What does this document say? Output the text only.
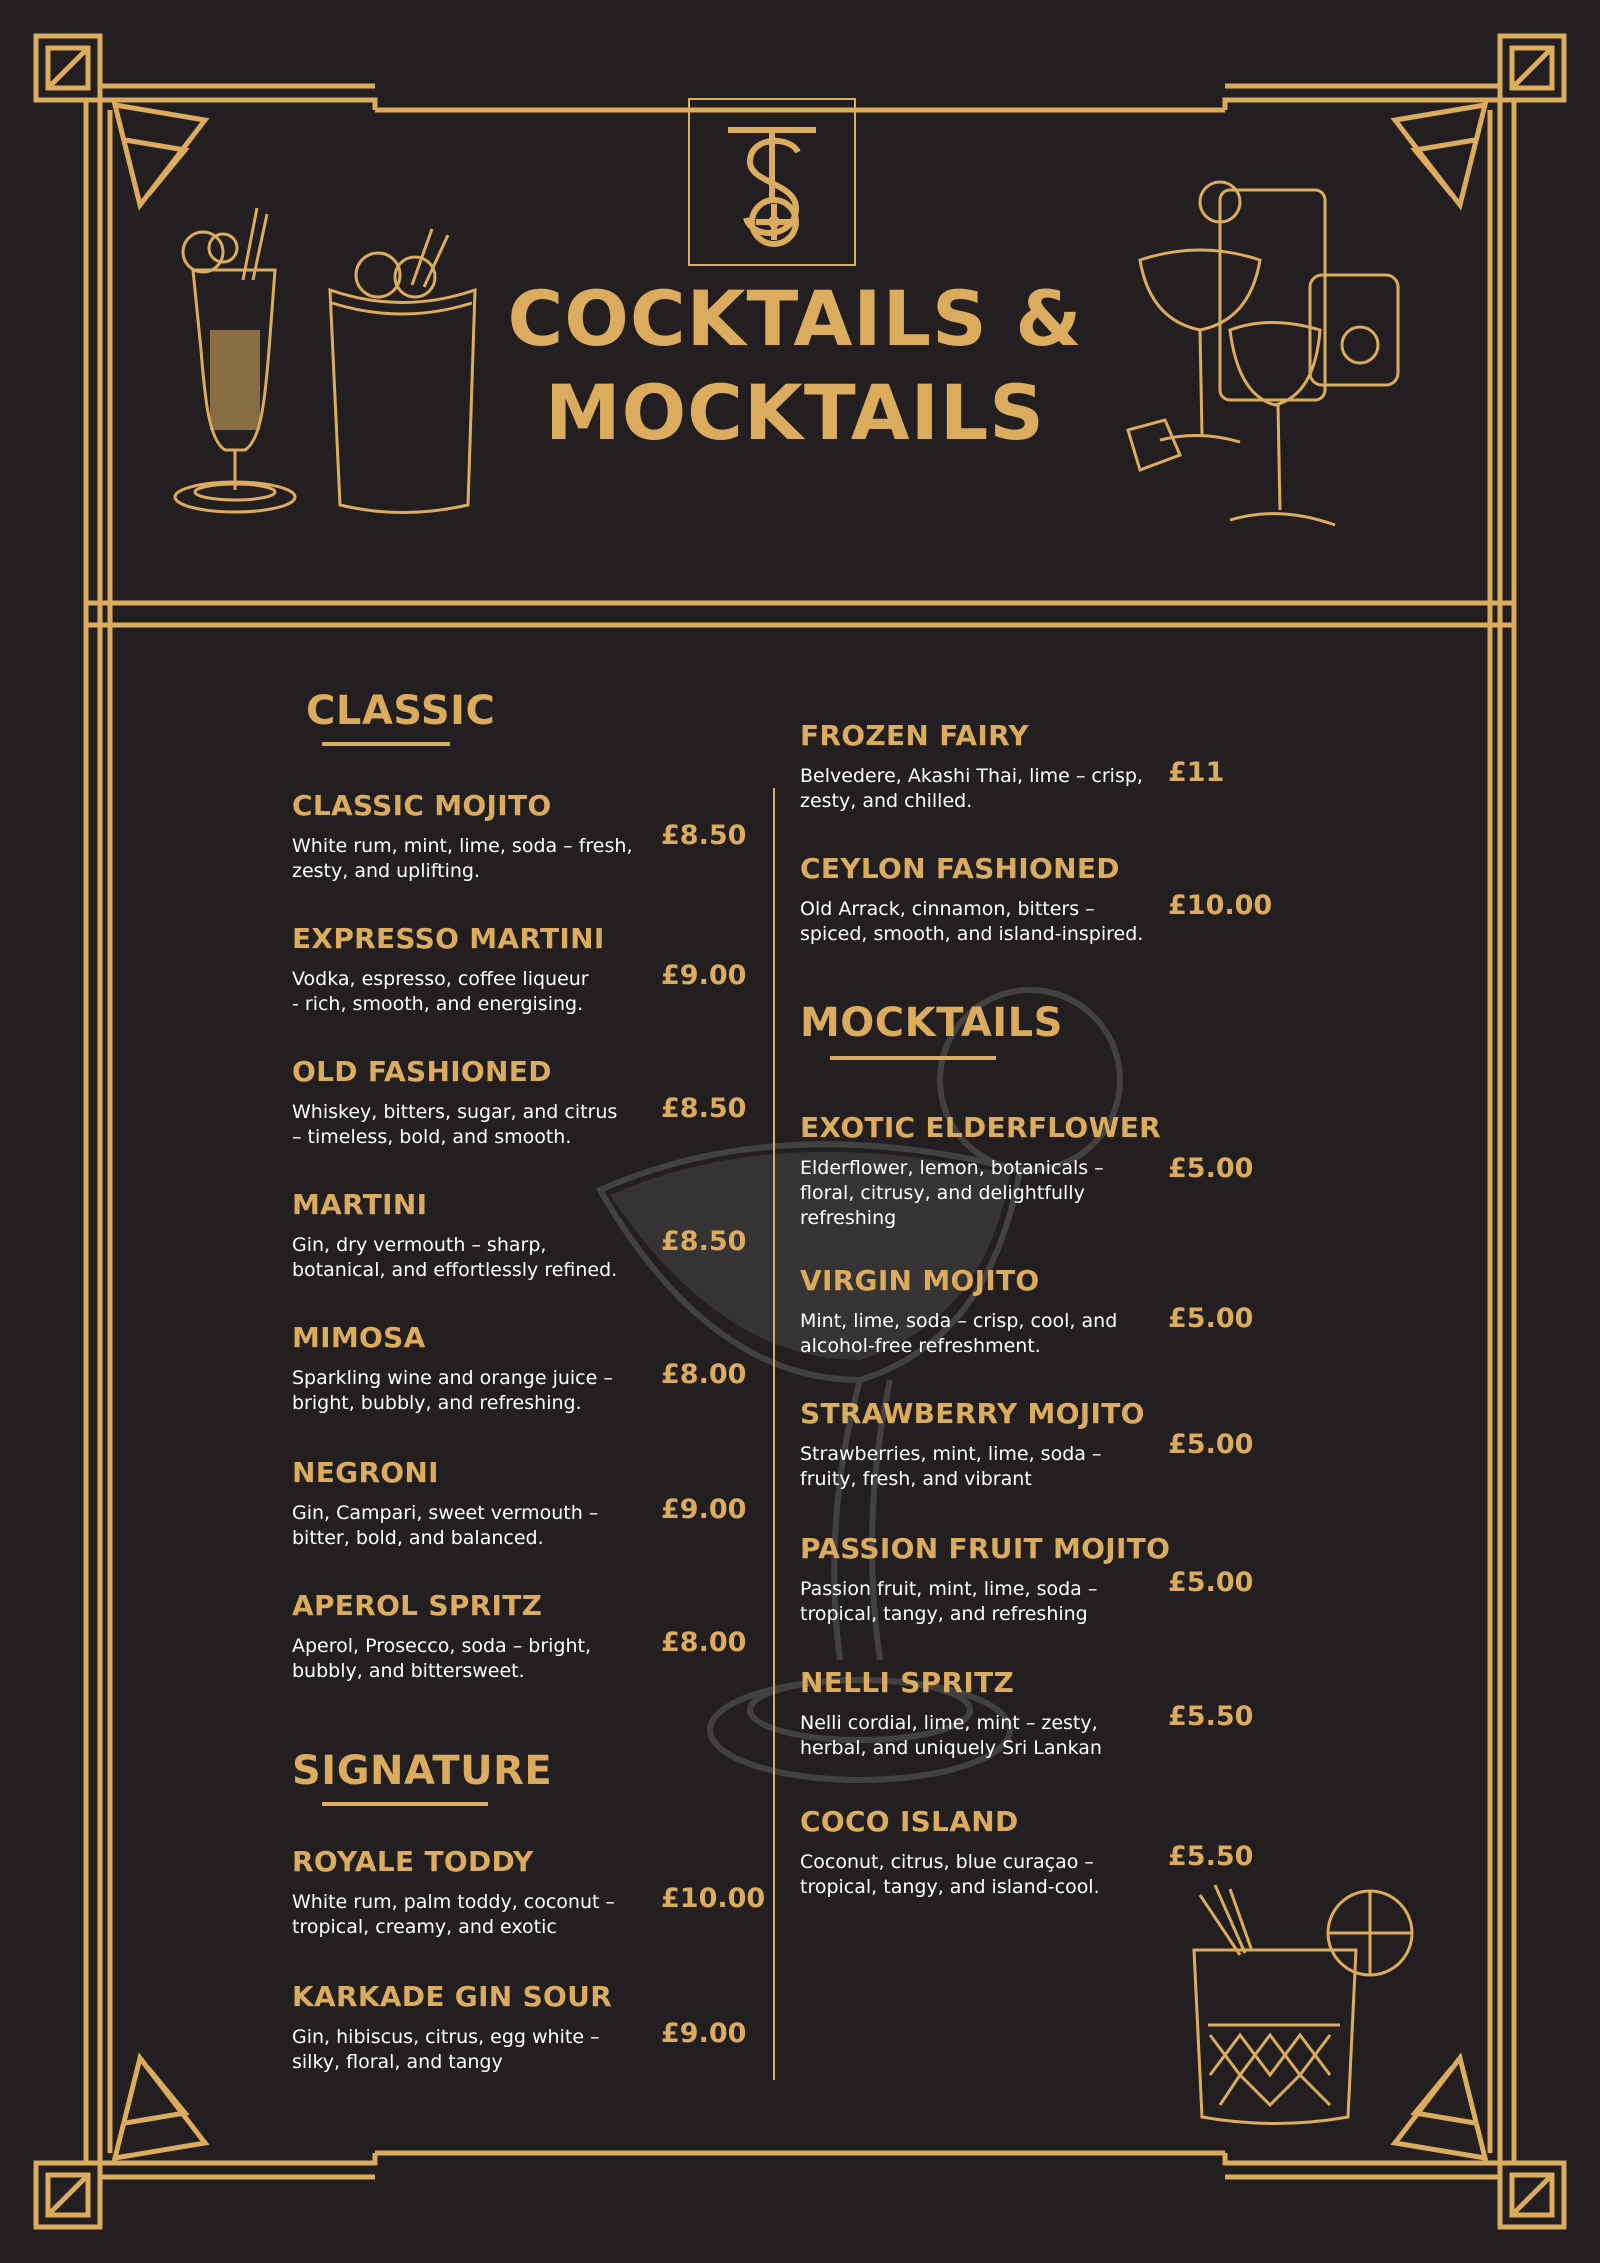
TS
COCKTAILS &
MOCKTAILS
CLASSIC
CLASSIC MOJITO
White rum, mint, lime, soda – fresh,
zesty, and uplifting.
£8.50
EXPRESSO MARTINI
Vodka, espresso, coffee liqueur
- rich, smooth, and energising.
£9.00
OLD FASHIONED
Whiskey, bitters, sugar, and citrus
– timeless, bold, and smooth.
£8.50
MARTINI
Gin, dry vermouth – sharp,
botanical, and effortlessly refined.
£8.50
MIMOSA
Sparkling wine and orange juice –
bright, bubbly, and refreshing.
£8.00
NEGRONI
Gin, Campari, sweet vermouth –
bitter, bold, and balanced.
£9.00
APEROL SPRITZ
Aperol, Prosecco, soda – bright,
bubbly, and bittersweet.
£8.00
SIGNATURE
ROYALE TODDY
White rum, palm toddy, coconut –
tropical, creamy, and exotic
£10.00
KARKADE GIN SOUR
Gin, hibiscus, citrus, egg white –
silky, floral, and tangy
£9.00
FROZEN FAIRY
Belvedere, Akashi Thai, lime – crisp,
zesty, and chilled.
£11
CEYLON FASHIONED
Old Arrack, cinnamon, bitters –
spiced, smooth, and island-inspired.
£10.00
MOCKTAILS
EXOTIC ELDERFLOWER
Elderflower, lemon, botanicals –
floral, citrusy, and delightfully
refreshing
£5.00
VIRGIN MOJITO
Mint, lime, soda – crisp, cool, and
alcohol-free refreshment.
£5.00
STRAWBERRY MOJITO
Strawberries, mint, lime, soda –
fruity, fresh, and vibrant
£5.00
PASSION FRUIT MOJITO
Passion fruit, mint, lime, soda –
tropical, tangy, and refreshing
£5.00
NELLI SPRITZ
Nelli cordial, lime, mint – zesty,
herbal, and uniquely Sri Lankan
£5.50
COCO ISLAND
Coconut, citrus, blue curaçao –
tropical, tangy, and island-cool.
£5.50
